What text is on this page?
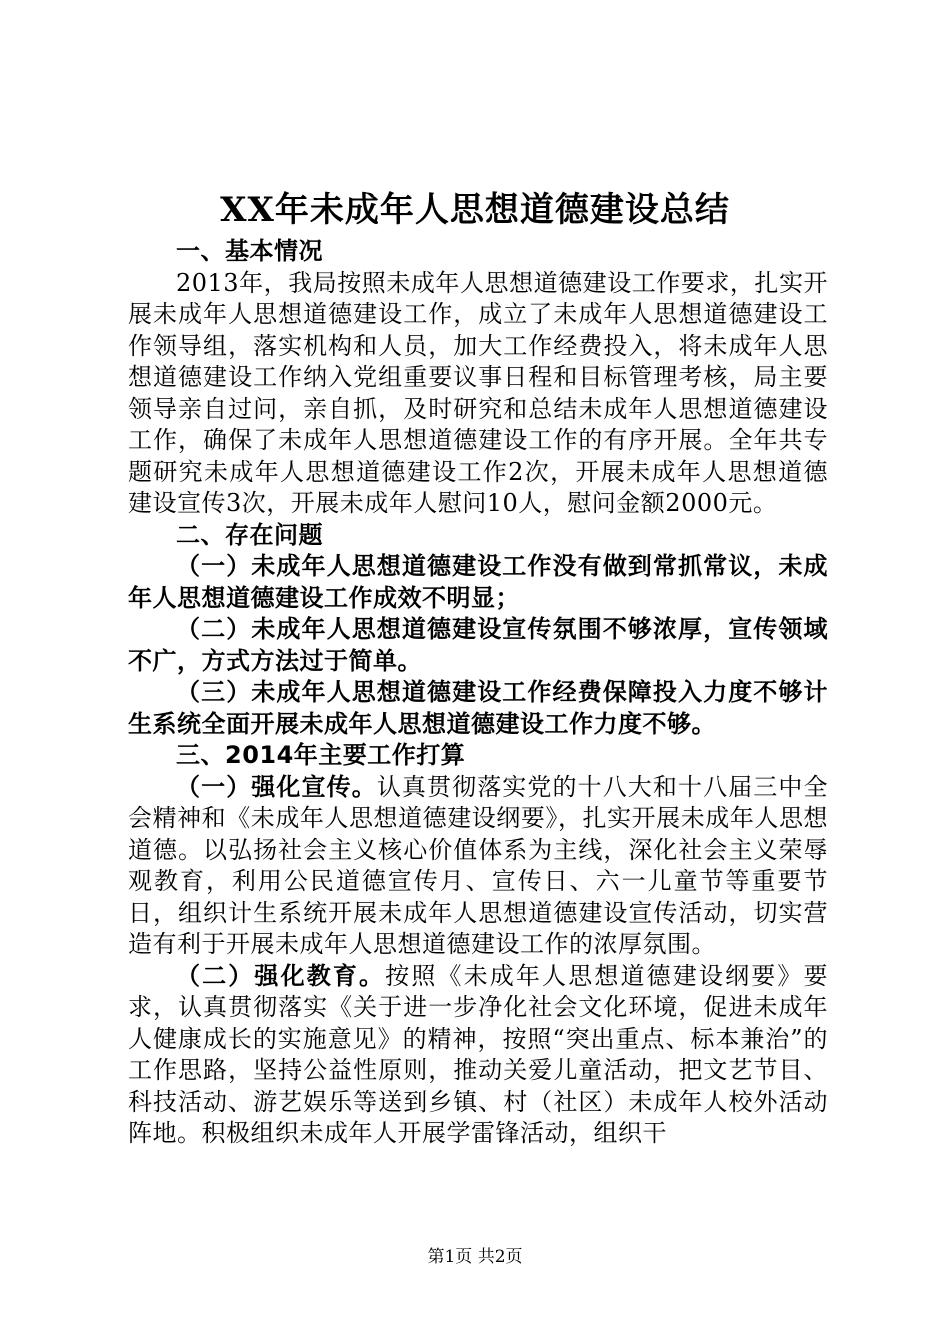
XX年未成年人思想道德建设总结

一、基本情况

2013年，我局按照未成年人思想道德建设工作要求，扎实开展未成年人思想道德建设工作，成立了未成年人思想道德建设工作领导组，落实机构和人员，加大工作经费投入，将未成年人思想道德建设工作纳入党组重要议事日程和目标管理考核，局主要领导亲自过问，亲自抓，及时研究和总结未成年人思想道德建设工作，确保了未成年人思想道德建设工作的有序开展。全年共专题研究未成年人思想道德建设工作2次，开展未成年人思想道德建设宣传3次，开展未成年人慰问10人，慰问金额2000元。

二、存在问题

（一）未成年人思想道德建设工作没有做到常抓常议，未成年人思想道德建设工作成效不明显；

（二）未成年人思想道德建设宣传氛围不够浓厚，宣传领域不广，方式方法过于简单。

（三）未成年人思想道德建设工作经费保障投入力度不够计生系统全面开展未成年人思想道德建设工作力度不够。

三、2014年主要工作打算

（一）强化宣传。认真贯彻落实党的十八大和十八届三中全会精神和《未成年人思想道德建设纲要》，扎实开展未成年人思想道德。以弘扬社会主义核心价值体系为主线，深化社会主义荣辱观教育，利用公民道德宣传月、宣传日、六一儿童节等重要节日，组织计生系统开展未成年人思想道德建设宣传活动，切实营造有利于开展未成年人思想道德建设工作的浓厚氛围。

（二）强化教育。按照《未成年人思想道德建设纲要》要求，认真贯彻落实《关于进一步净化社会文化环境，促进未成年人健康成长的实施意见》的精神，按照“突出重点、标本兼治”的工作思路，坚持公益性原则，推动关爱儿童活动，把文艺节目、科技活动、游艺娱乐等送到乡镇、村（社区）未成年人校外活动阵地。积极组织未成年人开展学雷锋活动，组织干

第1页 共2页
